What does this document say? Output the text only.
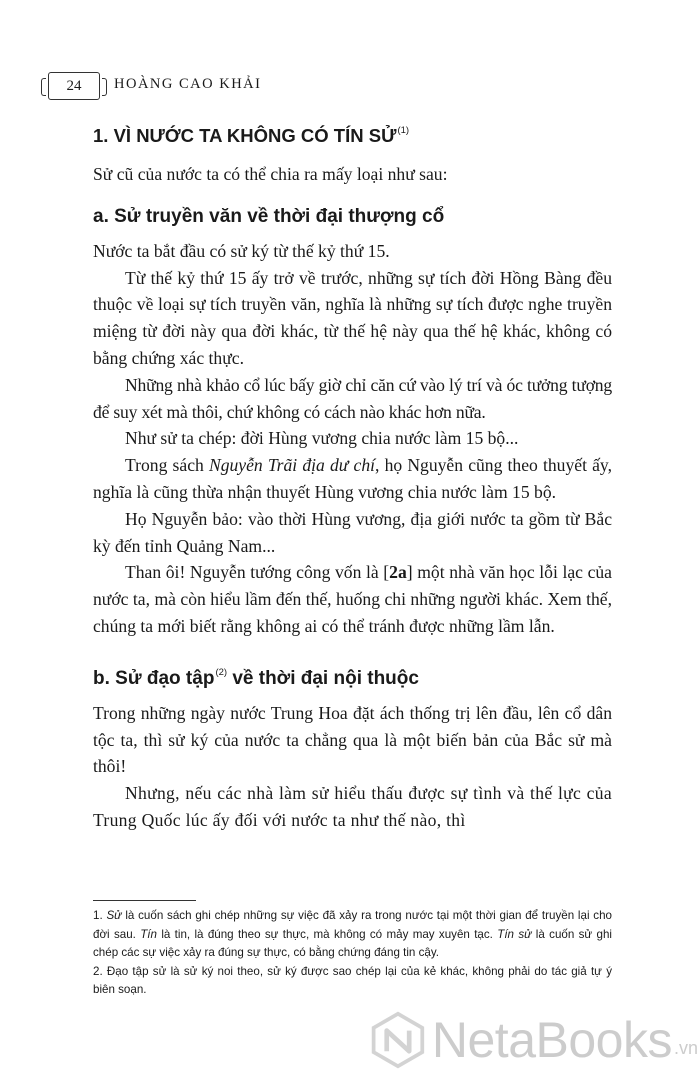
24	HOÀNG CAO KHẢI
1. VÌ NƯỚC TA KHÔNG CÓ TÍN SỬ$^{(1)}$

Sử cũ của nước ta có thể chia ra mấy loại như sau:

a. Sử truyền văn về thời đại thượng cổ

Nước ta bắt đầu có sử ký từ thế kỷ thứ 15.

Từ thế kỷ thứ 15 ấy trở về trước, những sự tích đời Hồng Bàng đều thuộc về loại sự tích truyền văn, nghĩa là những sự tích được nghe truyền miệng từ đời này qua đời khác, từ thế hệ này qua thế hệ khác, không có bằng chứng xác thực.

Những nhà khảo cổ lúc bấy giờ chỉ căn cứ vào lý trí và óc tưởng tượng để suy xét mà thôi, chứ không có cách nào khác hơn nữa.

Như sử ta chép: đời Hùng vương chia nước làm 15 bộ...

Trong sách Nguyễn Trãi địa dư chí, họ Nguyễn cũng theo thuyết ấy, nghĩa là cũng thừa nhận thuyết Hùng vương chia nước làm 15 bộ.

Họ Nguyễn bảo: vào thời Hùng vương, địa giới nước ta gồm từ Bắc kỳ đến tỉnh Quảng Nam...

Than ôi! Nguyễn tướng công vốn là [2a] một nhà văn học lỗi lạc của nước ta, mà còn hiểu lầm đến thế, huống chi những người khác. Xem thế, chúng ta mới biết rằng không ai có thể tránh được những lầm lẫn.

b. Sử đạo tập$^{(2)}$ về thời đại nội thuộc

Trong những ngày nước Trung Hoa đặt ách thống trị lên đầu, lên cổ dân tộc ta, thì sử ký của nước ta chẳng qua là một biến bản của Bắc sử mà thôi!

Nhưng, nếu các nhà làm sử hiểu thấu được sự tình và thế lực của Trung Quốc lúc ấy đối với nước ta như thế nào, thì

1. Sử là cuốn sách ghi chép những sự việc đã xảy ra trong nước tại một thời gian để truyền lại cho đời sau. Tín là tin, là đúng theo sự thực, mà không có mảy may xuyên tạc. Tín sử là cuốn sử ghi chép các sự việc xảy ra đúng sự thực, có bằng chứng đáng tin cậy.

2. Đạo tập sử là sử ký noi theo, sử ký được sao chép lại của kẻ khác, không phải do tác giả tự ý biên soạn.

NetaBooks .vn
